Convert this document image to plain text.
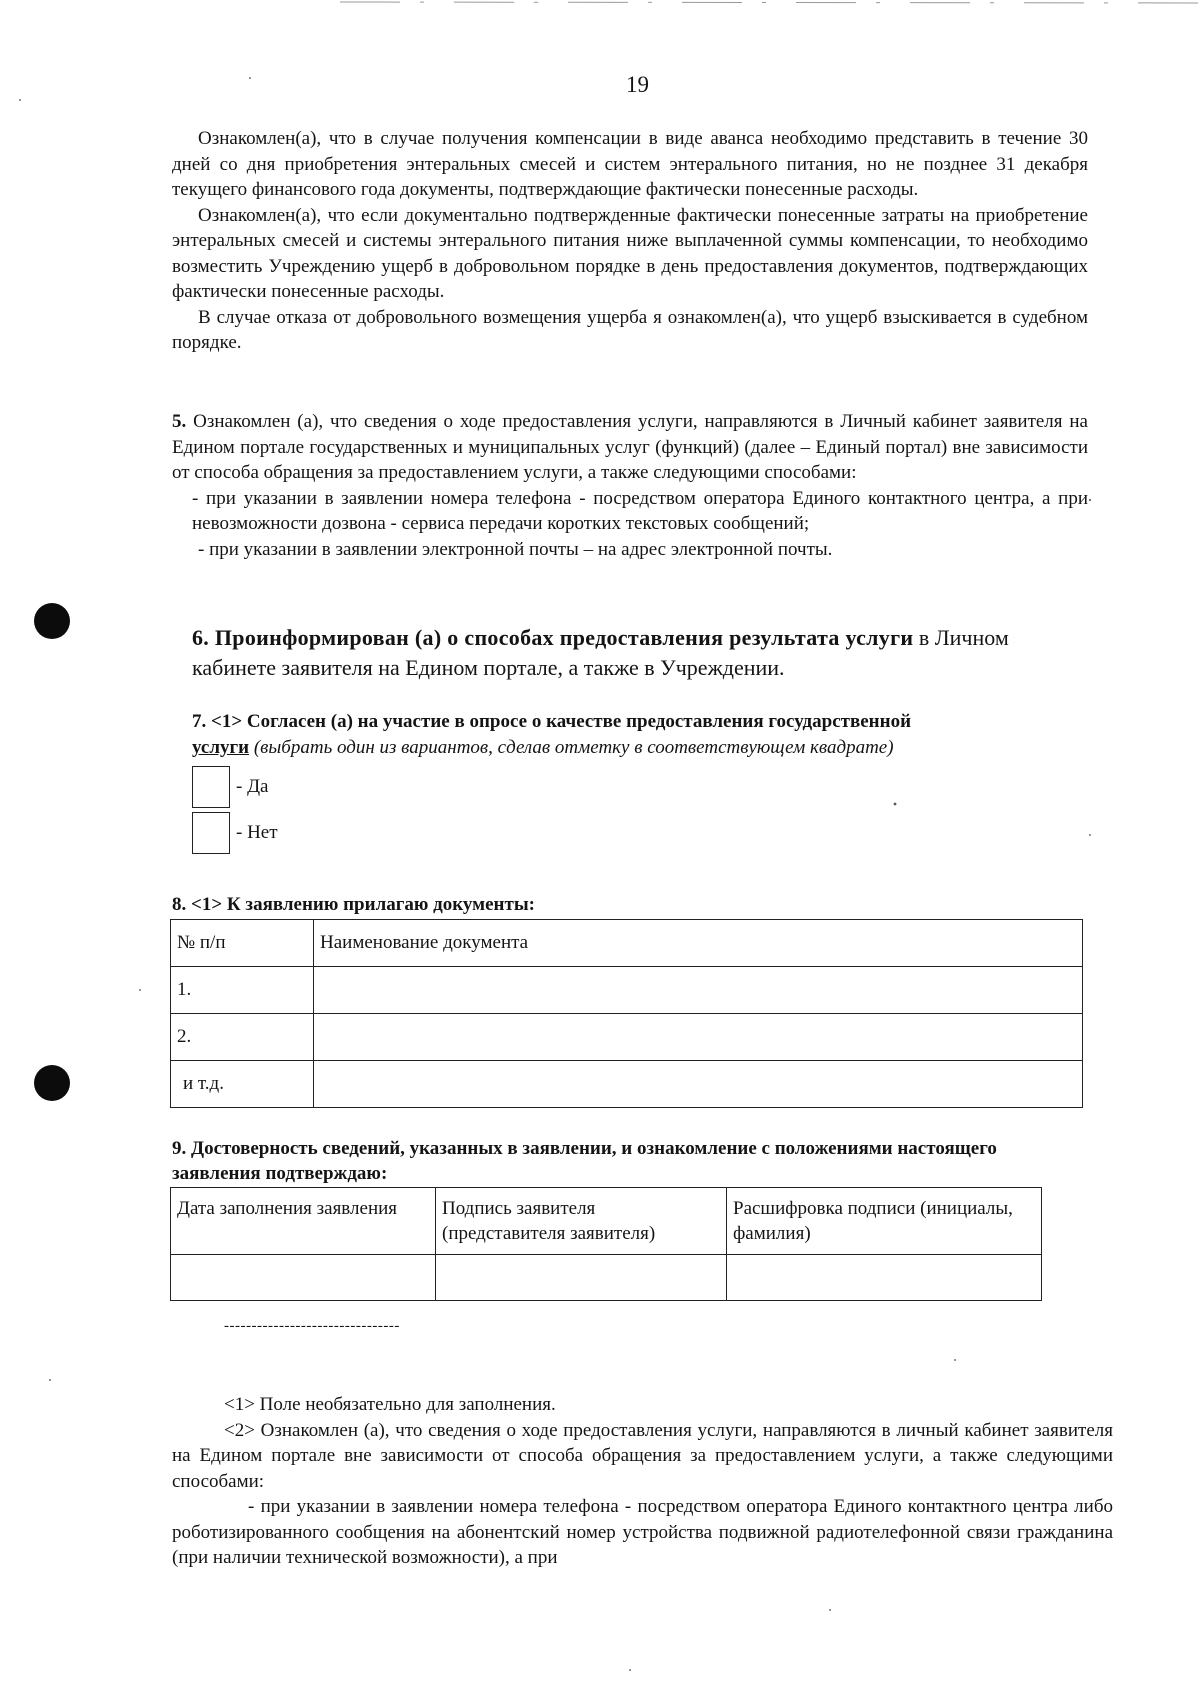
19

Ознакомлен(а), что в случае получения компенсации в виде аванса необходимо представить в течение 30 дней со дня приобретения энтеральных смесей и систем энтерального питания, но не позднее 31 декабря текущего финансового года документы, подтверждающие фактически понесенные расходы.

Ознакомлен(а), что если документально подтвержденные фактически понесенные затраты на приобретение энтеральных смесей и системы энтерального питания ниже выплаченной суммы компенсации, то необходимо возместить Учреждению ущерб в добровольном порядке в день предоставления документов, подтверждающих фактически понесенные расходы.

В случае отказа от добровольного возмещения ущерба я ознакомлен(а), что ущерб взыскивается в судебном порядке.

5. Ознакомлен (а), что сведения о ходе предоставления услуги, направляются в Личный кабинет заявителя на Едином портале государственных и муниципальных услуг (функций) (далее – Единый портал) вне зависимости от способа обращения за предоставлением услуги, а также следующими способами:

- при указании в заявлении номера телефона - посредством оператора Единого контактного центра, а при невозможности дозвона - сервиса передачи коротких текстовых сообщений;

- при указании в заявлении электронной почты – на адрес электронной почты.

6. Проинформирован (а) о способах предоставления результата услуги в Личном кабинете заявителя на Едином портале, а также в Учреждении.
7. <1> Согласен (а) на участие в опросе о качестве предоставления государственной
услуги (выбрать один из вариантов, сделав отметку в соответствующем квадрате)
- Да
- Нет
8. <1> К заявлению прилагаю документы:
№ п/п	Наименование документа
1.	
2.	
и т.д.	
9. Достоверность сведений, указанных в заявлении, и ознакомление с положениями настоящего заявления подтверждаю:
Дата заполнения заявления	Подпись заявителя (представителя заявителя)	Расшифровка подписи (инициалы, фамилия)

--------------------------------

<1> Поле необязательно для заполнения.

<2> Ознакомлен (а), что сведения о ходе предоставления услуги, направляются в личный кабинет заявителя на Едином портале вне зависимости от способа обращения за предоставлением услуги, а также следующими способами:

- при указании в заявлении номера телефона - посредством оператора Единого контактного центра либо роботизированного сообщения на абонентский номер устройства подвижной радиотелефонной связи гражданина (при наличии технической возможности), а при
